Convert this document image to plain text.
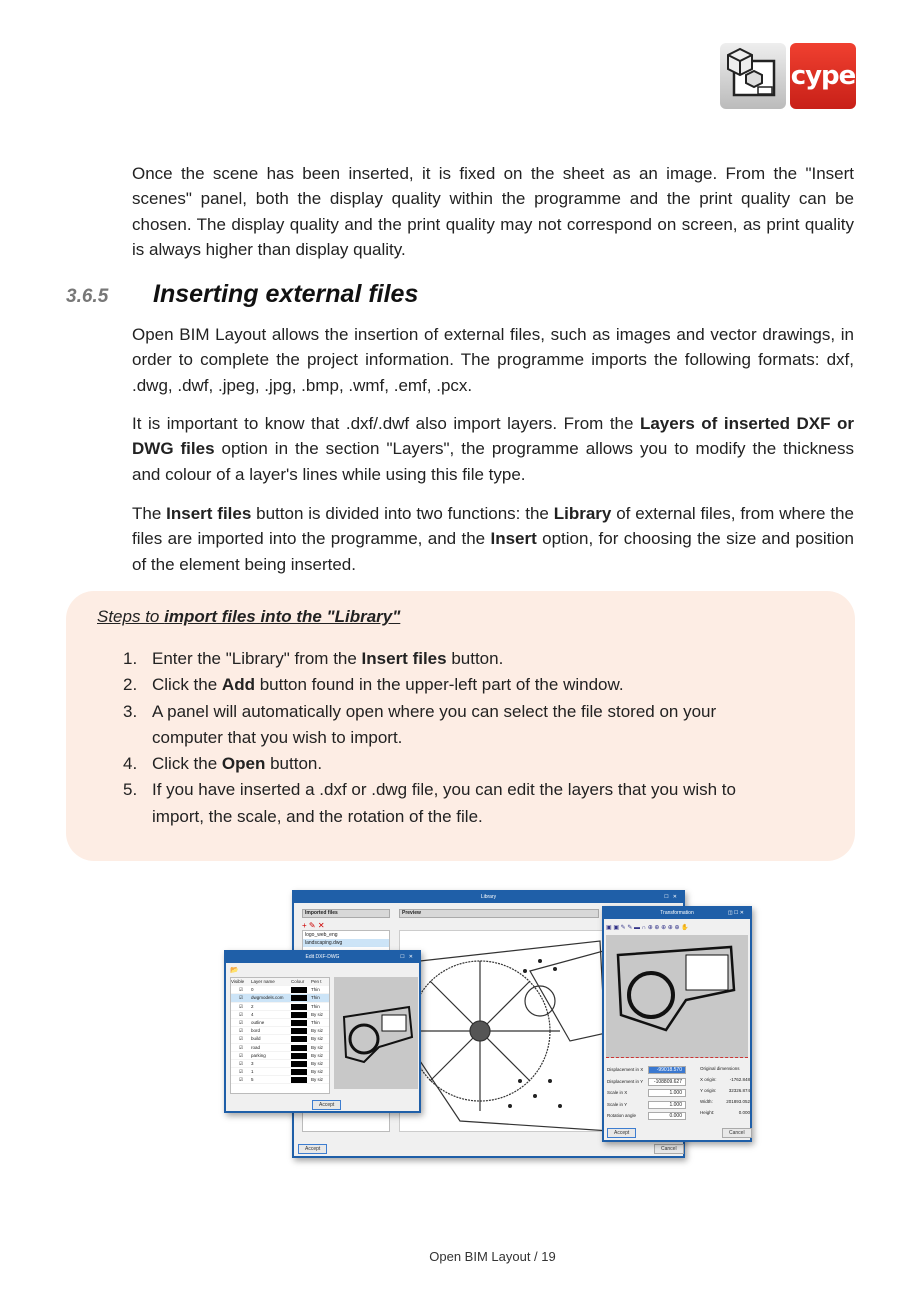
cype

Once the scene has been inserted, it is fixed on the sheet as an image. From the "Insert scenes" panel, both the display quality within the programme and the print quality can be chosen. The display quality and the print quality may not correspond on screen, as print quality is always higher than display quality.

3.6.5 Inserting external files

Open BIM Layout allows the insertion of external files, such as images and vector drawings, in order to complete the project information. The programme imports the following formats: dxf, .dwg, .dwf, .jpeg, .jpg, .bmp, .wmf, .emf, .pcx.

It is important to know that .dxf/.dwf also import layers. From the Layers of inserted DXF or DWG files option in the section "Layers", the programme allows you to modify the thickness and colour of a layer's lines while using this file type.

The Insert files button is divided into two functions: the Library of external files, from where the files are imported into the programme, and the Insert option, for choosing the size and position of the element being inserted.

Steps to import files into the "Library"
1. Enter the "Library" from the Insert files button.
2. Click the Add button found in the upper-left part of the window.
3. A panel will automatically open where you can select the file stored on your computer that you wish to import.
4. Click the Open button.
5. If you have inserted a .dxf or .dwg file, you can edit the layers that you wish to import, the scale, and the rotation of the file.
Library	☐   ✕
Imported files	Preview
+ ✎ ✕
logo_web_eng
landscaping.dwg
Accept	Cancel
Edit DXF-DWG	☐   ✕
📂
Visible	Layer name	Colour	Pen t
☑	0	Thin
☑	dwgmodels.com	Thin
☑	2	Thin
☑	4	By siz
☑	outline	Thin
☑	bord	By siz
☑	build	By siz
☑	road	By siz
☑	parking	By siz
☑	3	By siz
☑	1	By siz
☑	5	By siz
Accept
Transformation	◫ ☐ ✕
▣ ▣ ✎ ✎ ▬ ∩ ⊕ ⊕ ⊕ ⊕ ⊕ ✋
Displacement in X	-99018.570
Displacement in Y	-108809.627
Scale in X	1.000
Scale in Y	1.000
Rotation angle	0.000
Original dimensions
X origin:	-1762.848
Y origin:	32326.874
Width:	201893.052
Height:	0.000
Accept	Cancel
Open BIM Layout / 19
